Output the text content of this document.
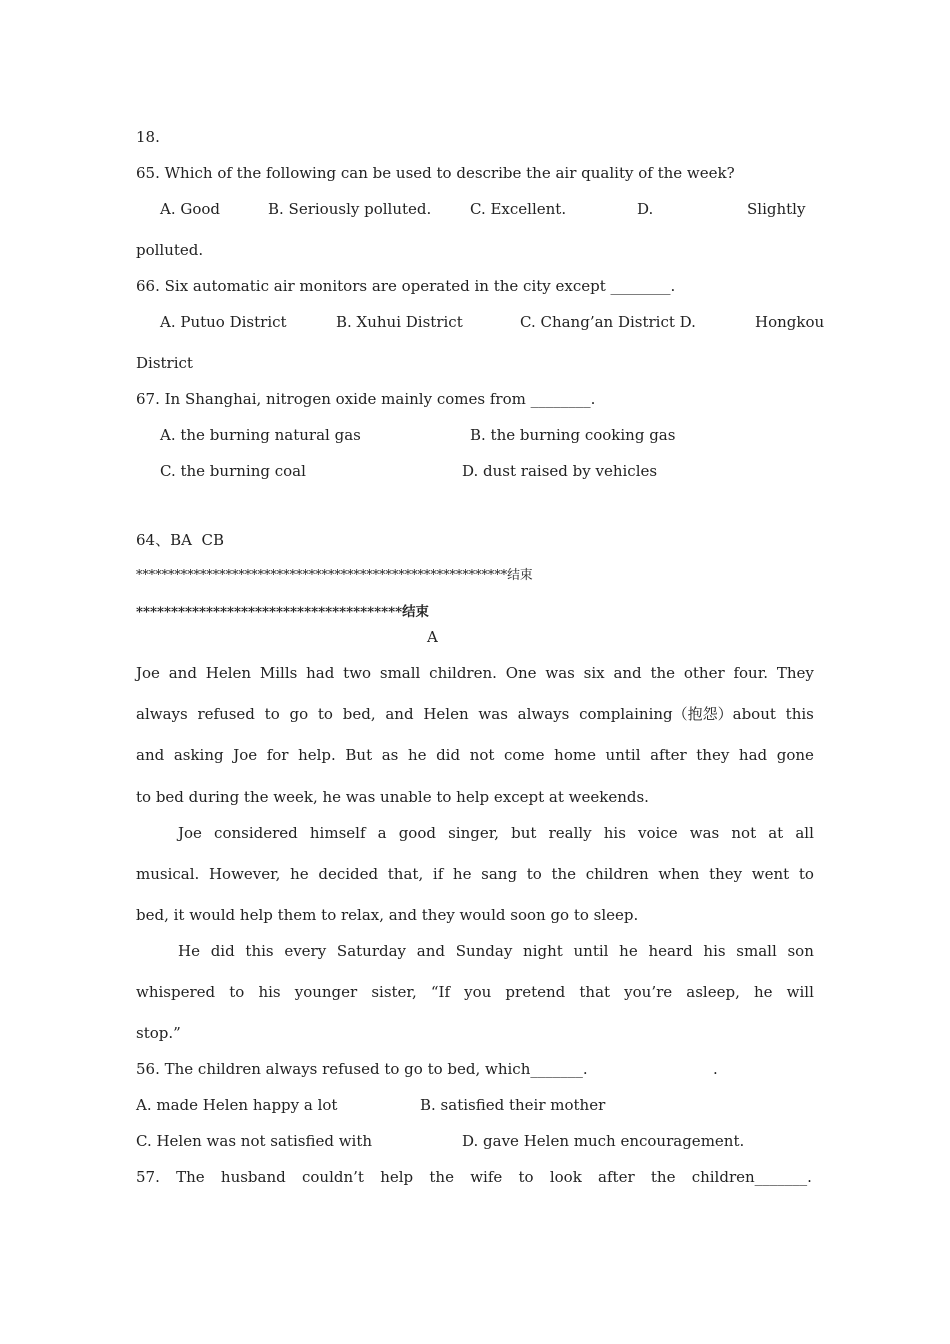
18.
65. Which of the following can be used to describe the air quality of the week?
A. Good	B. Seriously polluted.	C. Excellent.	D.	Slightly
polluted.
66. Six automatic air monitors are operated in the city except ________.
A. Putuo District	B. Xuhui District	C. Chang’an District D.	Hongkou
District
67. In Shanghai, nitrogen oxide mainly comes from ________.
A. the burning natural gas	B. the burning cooking gas
C. the burning coal	D. dust raised by vehicles
64、BA  CB
**********************************************************结束
**************************************结束
A
Joe and Helen Mills had two small children. One was six and the other four. They
always refused to go to bed, and Helen was always complaining（抱怨）about this
and asking Joe for help. But as he did not come home until after they had gone
to bed during the week, he was unable to help except at weekends.
Joe considered himself a good singer, but really his voice was not at all
musical. However, he decided that, if he sang to the children when they went to
bed, it would help them to relax, and they would soon go to sleep.
He did this every Saturday and Sunday night until he heard his small son
whispered to his younger sister, “If you pretend that you’re asleep, he will
stop.”
56. The children always refused to go to bed, which_______.	.
A. made Helen happy a lot	B. satisfied their mother
C. Helen was not satisfied with	D. gave Helen much encouragement.
57. The husband couldn’t help the wife to look after the children_______.
